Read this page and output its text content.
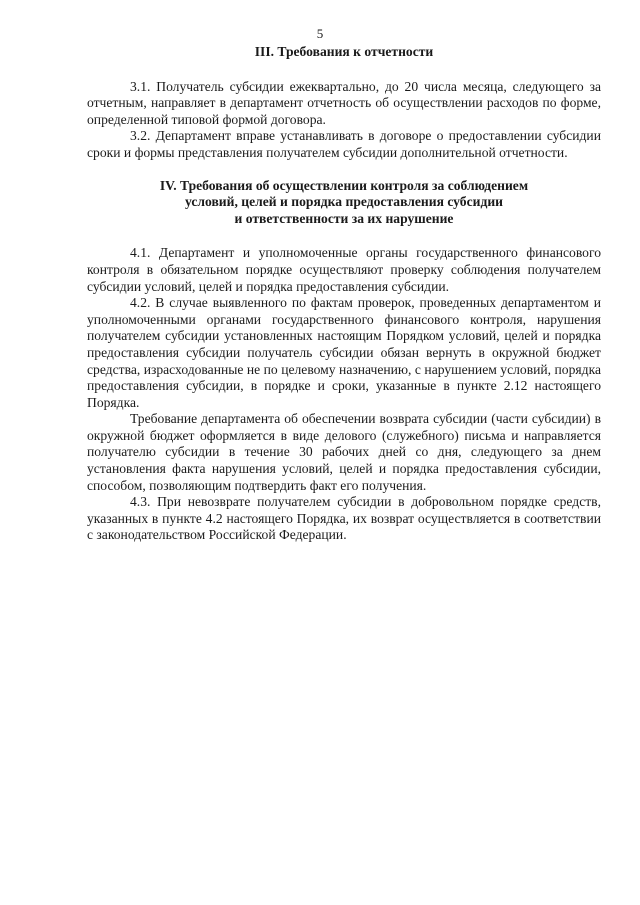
5

III. Требования к отчетности

3.1. Получатель субсидии ежеквартально, до 20 числа месяца, следующего за отчетным, направляет в департамент отчетность об осуществлении расходов по форме, определенной типовой формой договора.

3.2. Департамент вправе устанавливать в договоре о предоставлении субсидии сроки и формы представления получателем субсидии дополнительной отчетности.

IV. Требования об осуществлении контроля за соблюдением
условий, целей и порядка предоставления субсидии
и ответственности за их нарушение

4.1. Департамент и уполномоченные органы государственного финансового контроля в обязательном порядке осуществляют проверку соблюдения получателем субсидии условий, целей и порядка предоставления субсидии.

4.2. В случае выявленного по фактам проверок, проведенных департаментом и уполномоченными органами государственного финансового контроля, нарушения получателем субсидии установленных настоящим Порядком условий, целей и порядка предоставления субсидии получатель субсидии обязан вернуть в окружной бюджет средства, израсходованные не по целевому назначению, с нарушением условий, порядка предоставления субсидии, в порядке и сроки, указанные в пункте 2.12 настоящего Порядка.

Требование департамента об обеспечении возврата субсидии (части субсидии) в окружной бюджет оформляется в виде делового (служебного) письма и направляется получателю субсидии в течение 30 рабочих дней со дня, следующего за днем установления факта нарушения условий, целей и порядка предоставления субсидии, способом, позволяющим подтвердить факт его получения.

4.3. При невозврате получателем субсидии в добровольном порядке средств, указанных в пункте 4.2 настоящего Порядка, их возврат осуществляется в соответствии с законодательством Российской Федерации.
